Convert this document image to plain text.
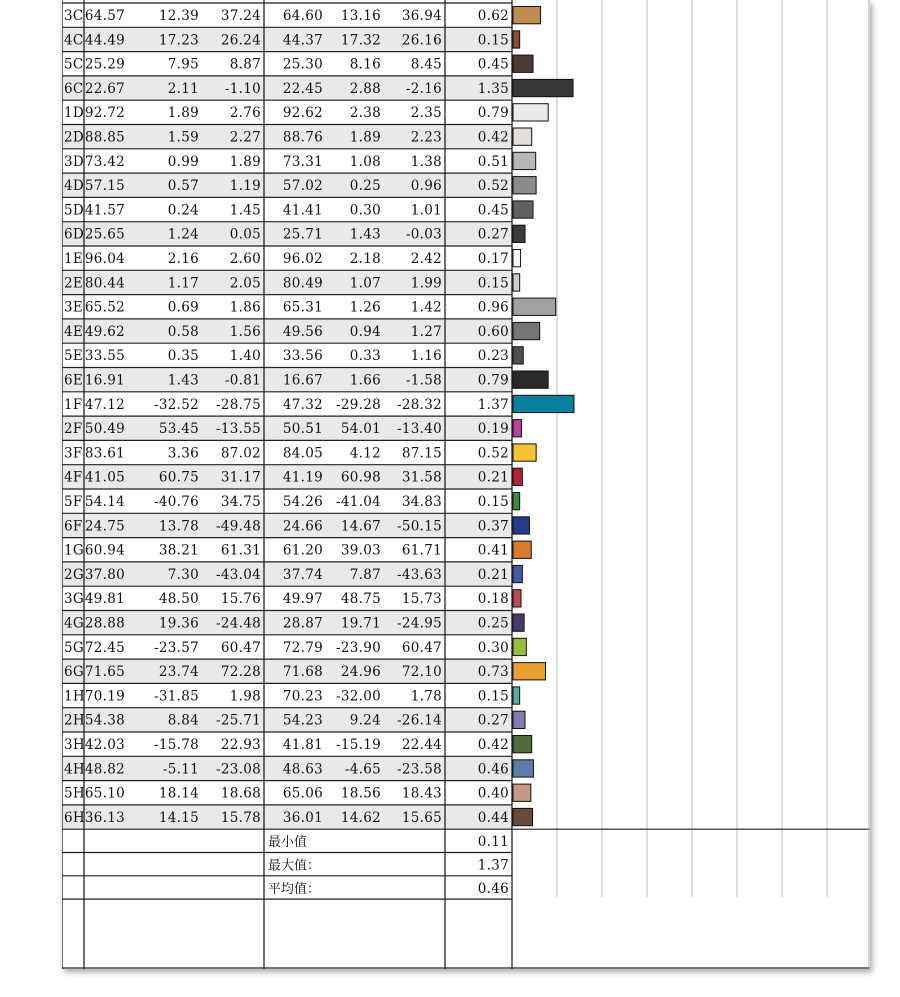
3C 64.57	12.39 37.24 64.60 13.16 36.94	0.62
4C 44.49	17.23 26.24 44.37 17.32 26.16	0.15
5C 25.29	7.95 8.87 25.30 8.16 8.45	0.45
6C 22.67	2.11 -1.10 22.45 2.88 -2.16	1.35
1D 92.72	1.89 2.76 92.62 2.38 2.35	0.79
2D 88.85	1.59 2.27 88.76 1.89 2.23	0.42
3D 73.42	0.99 1.89 73.31 1.08 1.38	0.51
4D 57.15	0.57 1.19 57.02 0.25 0.96	0.52
5D 41.57	0.24 1.45 41.41 0.30 1.01	0.45
6D 25.65	1.24 0.05 25.71 1.43 -0.03	0.27
1E 96.04	2.16 2.60 96.02 2.18 2.42	0.17
2E 80.44	1.17 2.05 80.49 1.07 1.99	0.15
3E 65.52	0.69 1.86 65.31 1.26 1.42	0.96
4E 49.62	0.58 1.56 49.56 0.94 1.27	0.60
5E 33.55	0.35 1.40 33.56 0.33 1.16	0.23
6E 16.91	1.43 -0.81 16.67 1.66 -1.58	0.79
1F 47.12 -32.52 -28.75 47.32 -29.28 -28.32	1.37
2F 50.49	53.45 -13.55 50.51 54.01 -13.40	0.19
3F 83.61	3.36 87.02 84.05 4.12 87.15	0.52
4F 41.05	60.75 31.17 41.19 60.98 31.58	0.21
5F 54.14 -40.76 34.75 54.26 -41.04 34.83	0.15
6F 24.75	13.78 -49.48 24.66 14.67 -50.15	0.37
1G 60.94	38.21 61.31 61.20 39.03 61.71	0.41
2G 37.80	7.30 -43.04 37.74 7.87 -43.63	0.21
3G 49.81	48.50 15.76 49.97 48.75 15.73	0.18
4G 28.88	19.36 -24.48 28.87 19.71 -24.95	0.25
5G 72.45 -23.57 60.47 72.79 -23.90 60.47	0.30
6G 71.65	23.74 72.28 71.68 24.96 72.10	0.73
1H 70.19 -31.85 1.98 70.23 -32.00 1.78	0.15
2H 54.38	8.84 -25.71 54.23 9.24 -26.14	0.27
3H 42.03 -15.78 22.93 41.81 -15.19 22.44	0.42
4H 48.82	-5.11 -23.08 48.63 -4.65 -23.58	0.46
5H 65.10	18.14 18.68 65.06 18.56 18.43	0.40
6H 36.13	14.15 15.78 36.01 14.62 15.65	0.44
最小值	0.11
最大值：	1.37
平均值：	0.46
